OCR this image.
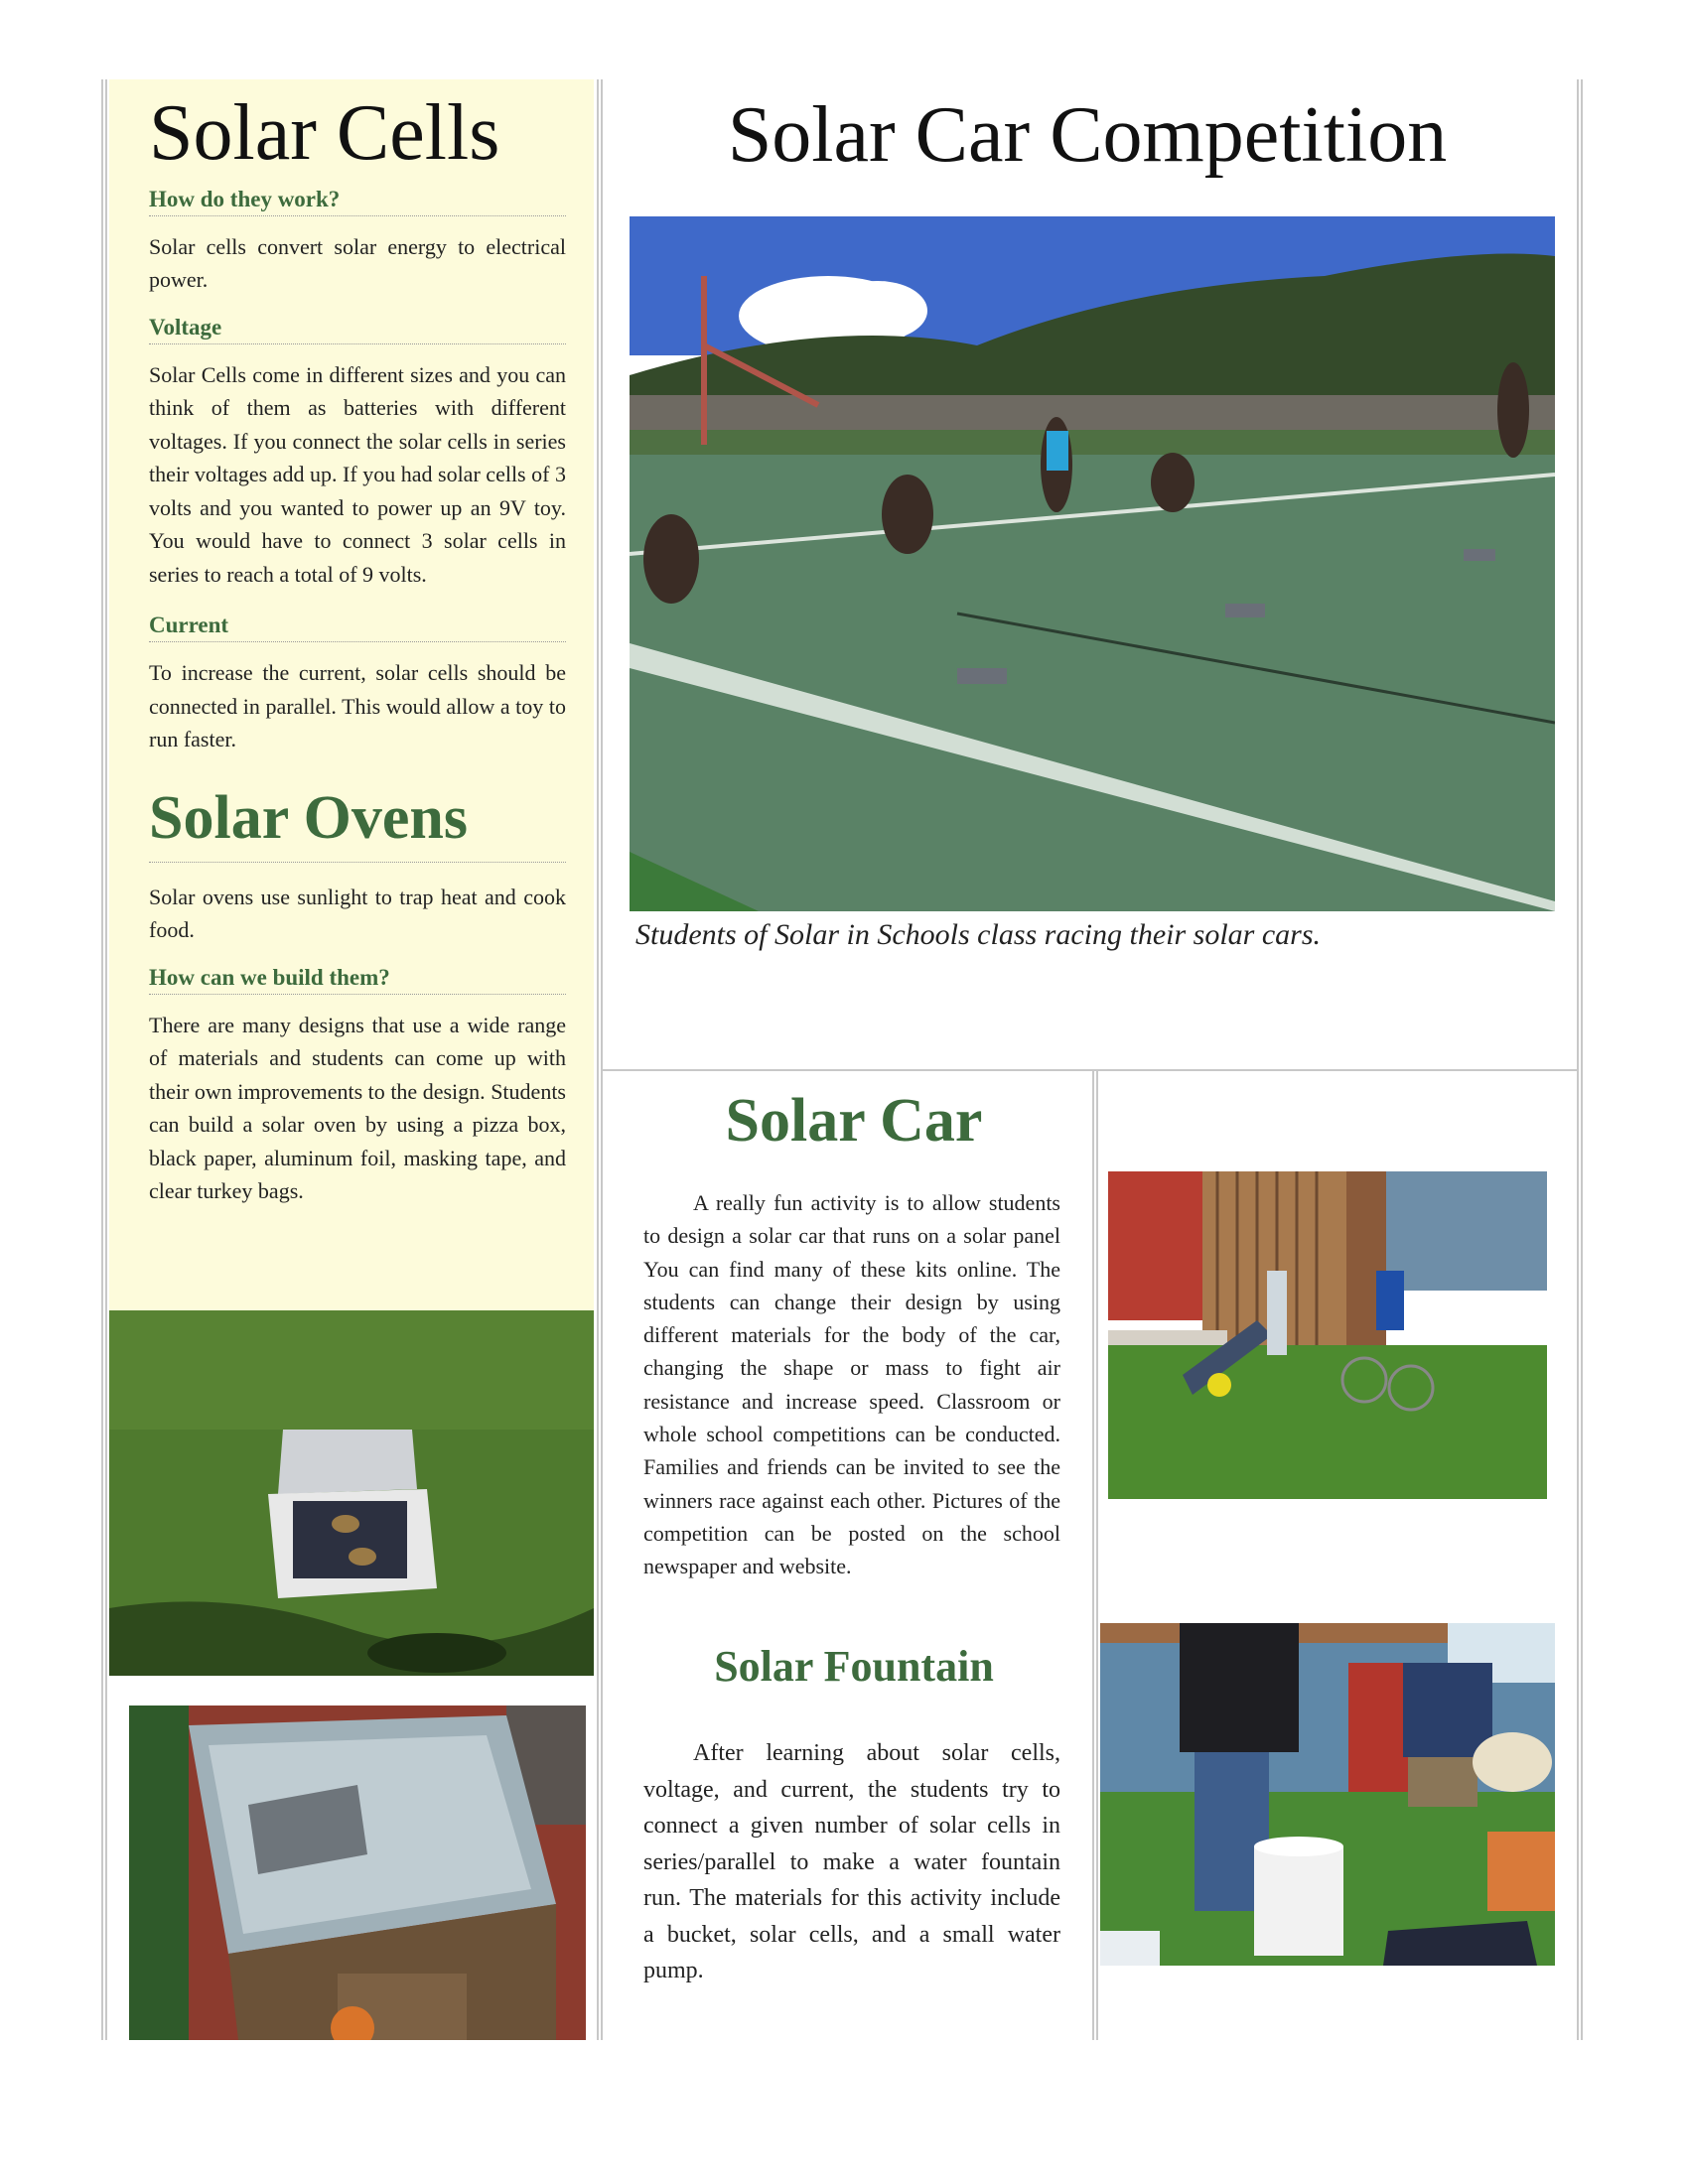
Solar Cells
How do they work?

Solar cells convert solar energy to electrical power.

Voltage

Solar Cells come in different sizes and you can think of them as batteries with different voltages. If you connect the solar cells in series their voltages add up. If you had solar cells of 3 volts and you wanted to power up an 9V toy. You would have to connect 3 solar cells in series to reach a total of 9 volts.

Current

To increase the current, solar cells should be connected in parallel. This would allow a toy to run faster.

Solar Ovens

Solar ovens use sunlight to trap heat and cook food.

How can we build them?

There are many designs that use a wide range of materials and students can come up with their own improvements to the design. Students can build a solar oven by using a pizza box, black paper, aluminum foil, masking tape, and clear turkey bags.

Solar Car Competition

Students of Solar in Schools class racing their solar cars.

Solar Car

A really fun activity is to allow students to design a solar car that runs on a solar panel You can find many of these kits online. The students can change their design by using different materials for the body of the car, changing the shape or mass to fight air resistance and increase speed. Classroom or whole school competitions can be conducted. Families and friends can be invited to see the winners race against each other. Pictures of the competition can be posted on the school newspaper and website.

Solar Fountain

After learning about solar cells, voltage, and current, the students try to connect a given number of solar cells in series/parallel to make a water fountain run. The materials for this activity include a bucket, solar cells, and a small water pump.
